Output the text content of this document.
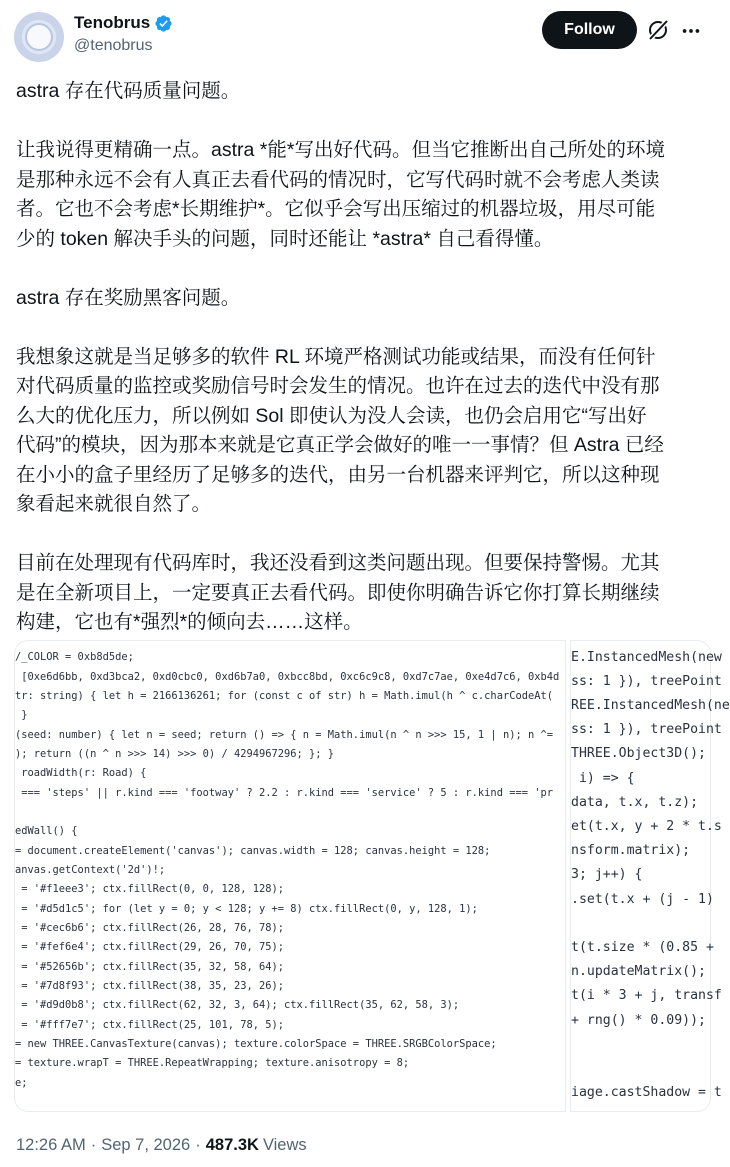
Tenobrus
@tenobrus
Follow

astra 存在代码质量问题。

让我说得更精确一点。astra *能*写出好代码。但当它推断出自己所处的环境

是那种永远不会有人真正去看代码的情况时，它写代码时就不会考虑人类读

者。它也不会考虑*长期维护*。它似乎会写出压缩过的机器垃圾，用尽可能

少的 token 解决手头的问题，同时还能让 *astra* 自己看得懂。

astra 存在奖励黑客问题。

我想象这就是当足够多的软件 RL 环境严格测试功能或结果，而没有任何针

对代码质量的监控或奖励信号时会发生的情况。也许在过去的迭代中没有那

么大的优化压力，所以例如 Sol 即使认为没人会读，也仍会启用它“写出好

代码”的模块，因为那本来就是它真正学会做好的唯一一事情？但 Astra 已经

在小小的盒子里经历了足够多的迭代，由另一台机器来评判它，所以这种现

象看起来就很自然了。

目前在处理现有代码库时，我还没看到这类问题出现。但要保持警惕。尤其

是在全新项目上，一定要真正去看代码。即使你明确告诉它你打算长期继续

构建，它也有*强烈*的倾向去……这样。

/_COLOR = 0xb8d5de;
[0xe6d6bb, 0xd3bca2, 0xd0cbc0, 0xd6b7a0, 0xbcc8bd, 0xc6c9c8, 0xd7c7ae, 0xe4d7c6, 0xb4d
tr: string) { let h = 2166136261; for (const c of str) h = Math.imul(h ^ c.charCodeAt(
}
(seed: number) { let n = seed; return () => { n = Math.imul(n ^ n >>> 15, 1 | n); n ^=
); return ((n ^ n >>> 14) >>> 0) / 4294967296; }; }
roadWidth(r: Road) {
=== 'steps' || r.kind === 'footway' ? 2.2 : r.kind === 'service' ? 5 : r.kind === 'pr
edWall() {
= document.createElement('canvas'); canvas.width = 128; canvas.height = 128;
anvas.getContext('2d')!;
= '#f1eee3'; ctx.fillRect(0, 0, 128, 128);
= '#d5d1c5'; for (let y = 0; y < 128; y += 8) ctx.fillRect(0, y, 128, 1);
= '#cec6b6'; ctx.fillRect(26, 28, 76, 78);
= '#fef6e4'; ctx.fillRect(29, 26, 70, 75);
= '#52656b'; ctx.fillRect(35, 32, 58, 64);
= '#7d8f93'; ctx.fillRect(38, 35, 23, 26);
= '#d9d0b8'; ctx.fillRect(62, 32, 3, 64); ctx.fillRect(35, 62, 58, 3);
= '#fff7e7'; ctx.fillRect(25, 101, 78, 5);
= new THREE.CanvasTexture(canvas); texture.colorSpace = THREE.SRGBColorSpace;
= texture.wrapT = THREE.RepeatWrapping; texture.anisotropy = 8;
e;
E.InstancedMesh(new
ss: 1 }), treePoint
REE.InstancedMesh(ne
ss: 1 }), treePoint
THREE.Object3D();
i) => {
data, t.x, t.z);
et(t.x, y + 2 * t.s
nsform.matrix);
3; j++) {
.set(t.x + (j - 1)
t(t.size * (0.85 +
n.updateMatrix();
t(i * 3 + j, transf
+ rng() * 0.09));
iage.castShadow = t
12:26 AM · Sep 7, 2026 · 487.3K Views
